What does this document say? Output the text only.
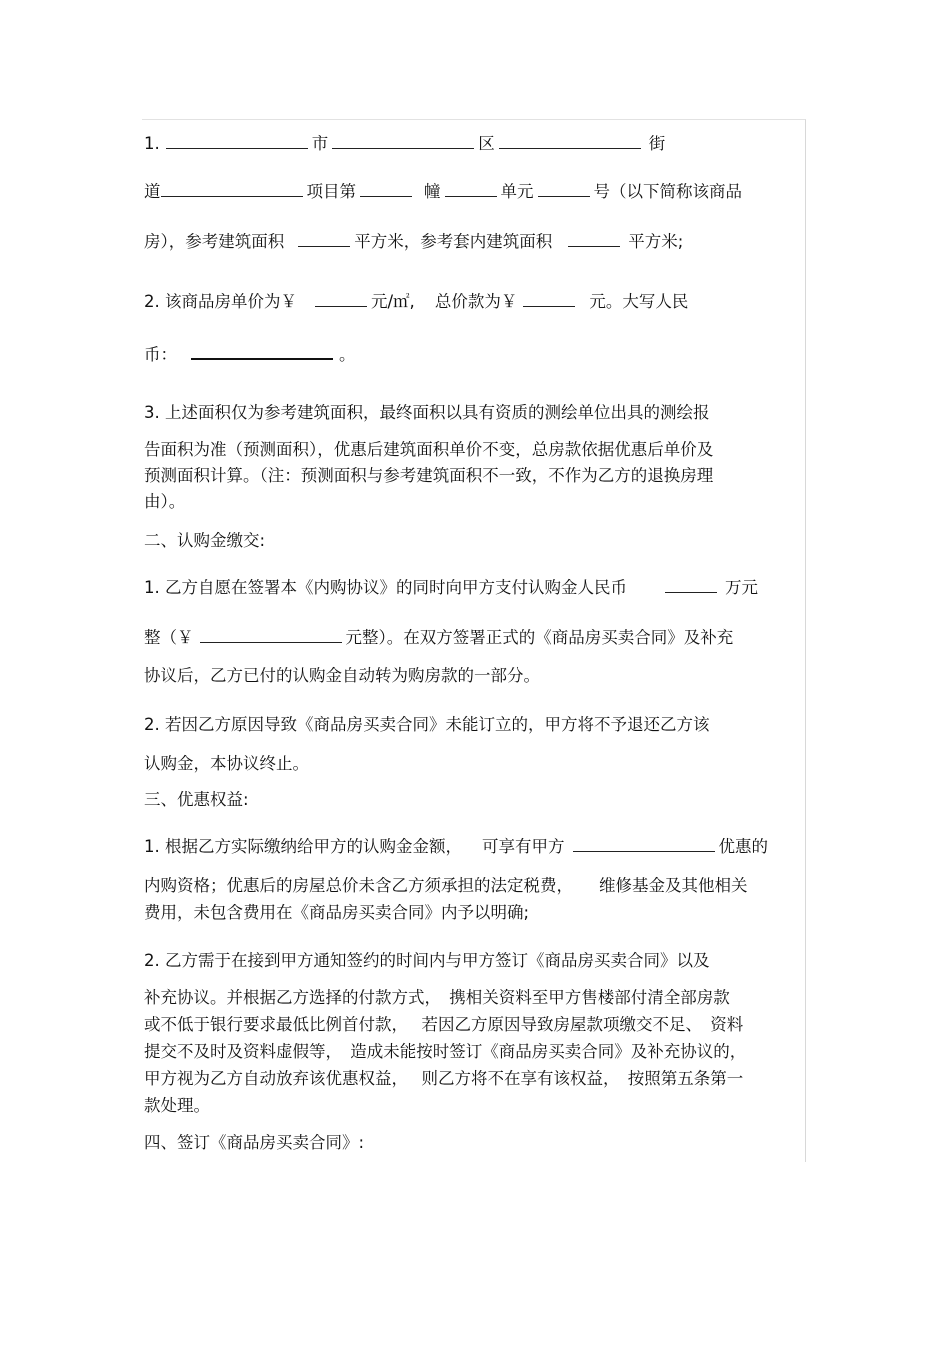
1.	市	区	街
道	项目第	幢	单元	号（以下简称该商品
房），参考建筑面积	平方米，参考套内建筑面积	平方米;
2. 该商品房单价为￥	元/㎡, 总价款为￥	元。大写人民
币：	。
3. 上述面积仅为参考建筑面积，最终面积以具有资质的测绘单位出具的测绘报
告面积为准（预测面积），优惠后建筑面积单价不变，总房款依据优惠后单价及
预测面积计算。（注：预测面积与参考建筑面积不一致，不作为乙方的退换房理
由）。
二、认购金缴交:
1. 乙方自愿在签署本《内购协议》的同时向甲方支付认购金人民币	万元
整（￥	元整）。在双方签署正式的《商品房买卖合同》及补充
协议后，乙方已付的认购金自动转为购房款的一部分。
2. 若因乙方原因导致《商品房买卖合同》未能订立的，甲方将不予退还乙方该
认购金，本协议终止。
三、优惠权益:
1. 根据乙方实际缴纳给甲方的认购金金额， 可享有甲方	优惠的
内购资格；优惠后的房屋总价未含乙方须承担的法定税费， 维修基金及其他相关
费用，未包含费用在《商品房买卖合同》内予以明确;
2. 乙方需于在接到甲方通知签约的时间内与甲方签订《商品房买卖合同》以及
补充协议。并根据乙方选择的付款方式，　携相关资料至甲方售楼部付清全部房款
或不低于银行要求最低比例首付款，　 若因乙方原因导致房屋款项缴交不足、　资料
提交不及时及资料虚假等，　造成未能按时签订《商品房买卖合同》及补充协议的，
甲方视为乙方自动放弃该优惠权益，　 则乙方将不在享有该权益，　按照第五条第一
款处理。
四、签订《商品房买卖合同》:
